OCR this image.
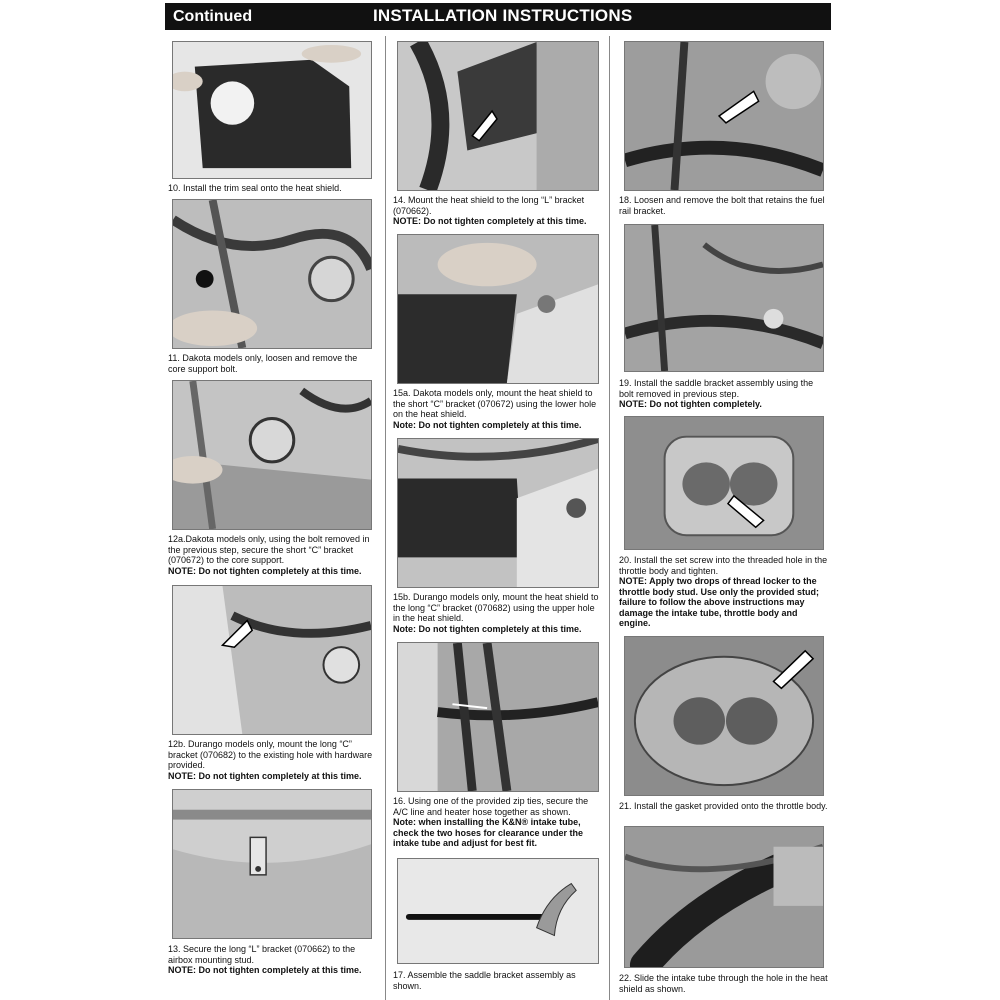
Continued	INSTALLATION INSTRUCTIONS
10. Install the trim seal onto the heat shield.
11. Dakota models only, loosen and remove the core support bolt.
12a.Dakota models only, using the bolt removed in the previous step, secure the short “C” bracket (070672) to the core support.
NOTE: Do not tighten completely at this time.
12b. Durango models only, mount the long “C” bracket (070682) to the existing hole with hardware provided.
NOTE: Do not tighten completely at this time.
13. Secure the long “L” bracket (070662) to the airbox mounting stud.
NOTE: Do not tighten completely at this time.
14. Mount the heat shield to the long “L” bracket (070662).
NOTE: Do not tighten completely at this time.
15a. Dakota models only, mount the heat shield to the short “C” bracket (070672) using the lower hole on the heat shield.
Note: Do not tighten completely at this time.
15b. Durango models only, mount the heat shield to the long “C” bracket (070682) using the upper hole in the heat shield.
Note: Do not tighten completely at this time.
16. Using one of the provided zip ties, secure the A/C line and heater hose together as shown.
Note: when installing the K&N® intake tube, check the two hoses for clearance under the intake tube and adjust for best fit.
17. Assemble the saddle bracket assembly as shown.
18. Loosen and remove the bolt that retains the fuel rail bracket.
19. Install the saddle bracket assembly using the bolt removed in previous step.
NOTE: Do not tighten completely.
20. Install the set screw into the threaded hole in the throttle body and tighten.
NOTE: Apply two drops of thread locker to the throttle body stud. Use only the provided stud; failure to follow the above instructions may damage the intake tube, throttle body and engine.
21. Install the gasket provided onto the throttle body.
22. Slide the intake tube through the hole in the heat shield as shown.
